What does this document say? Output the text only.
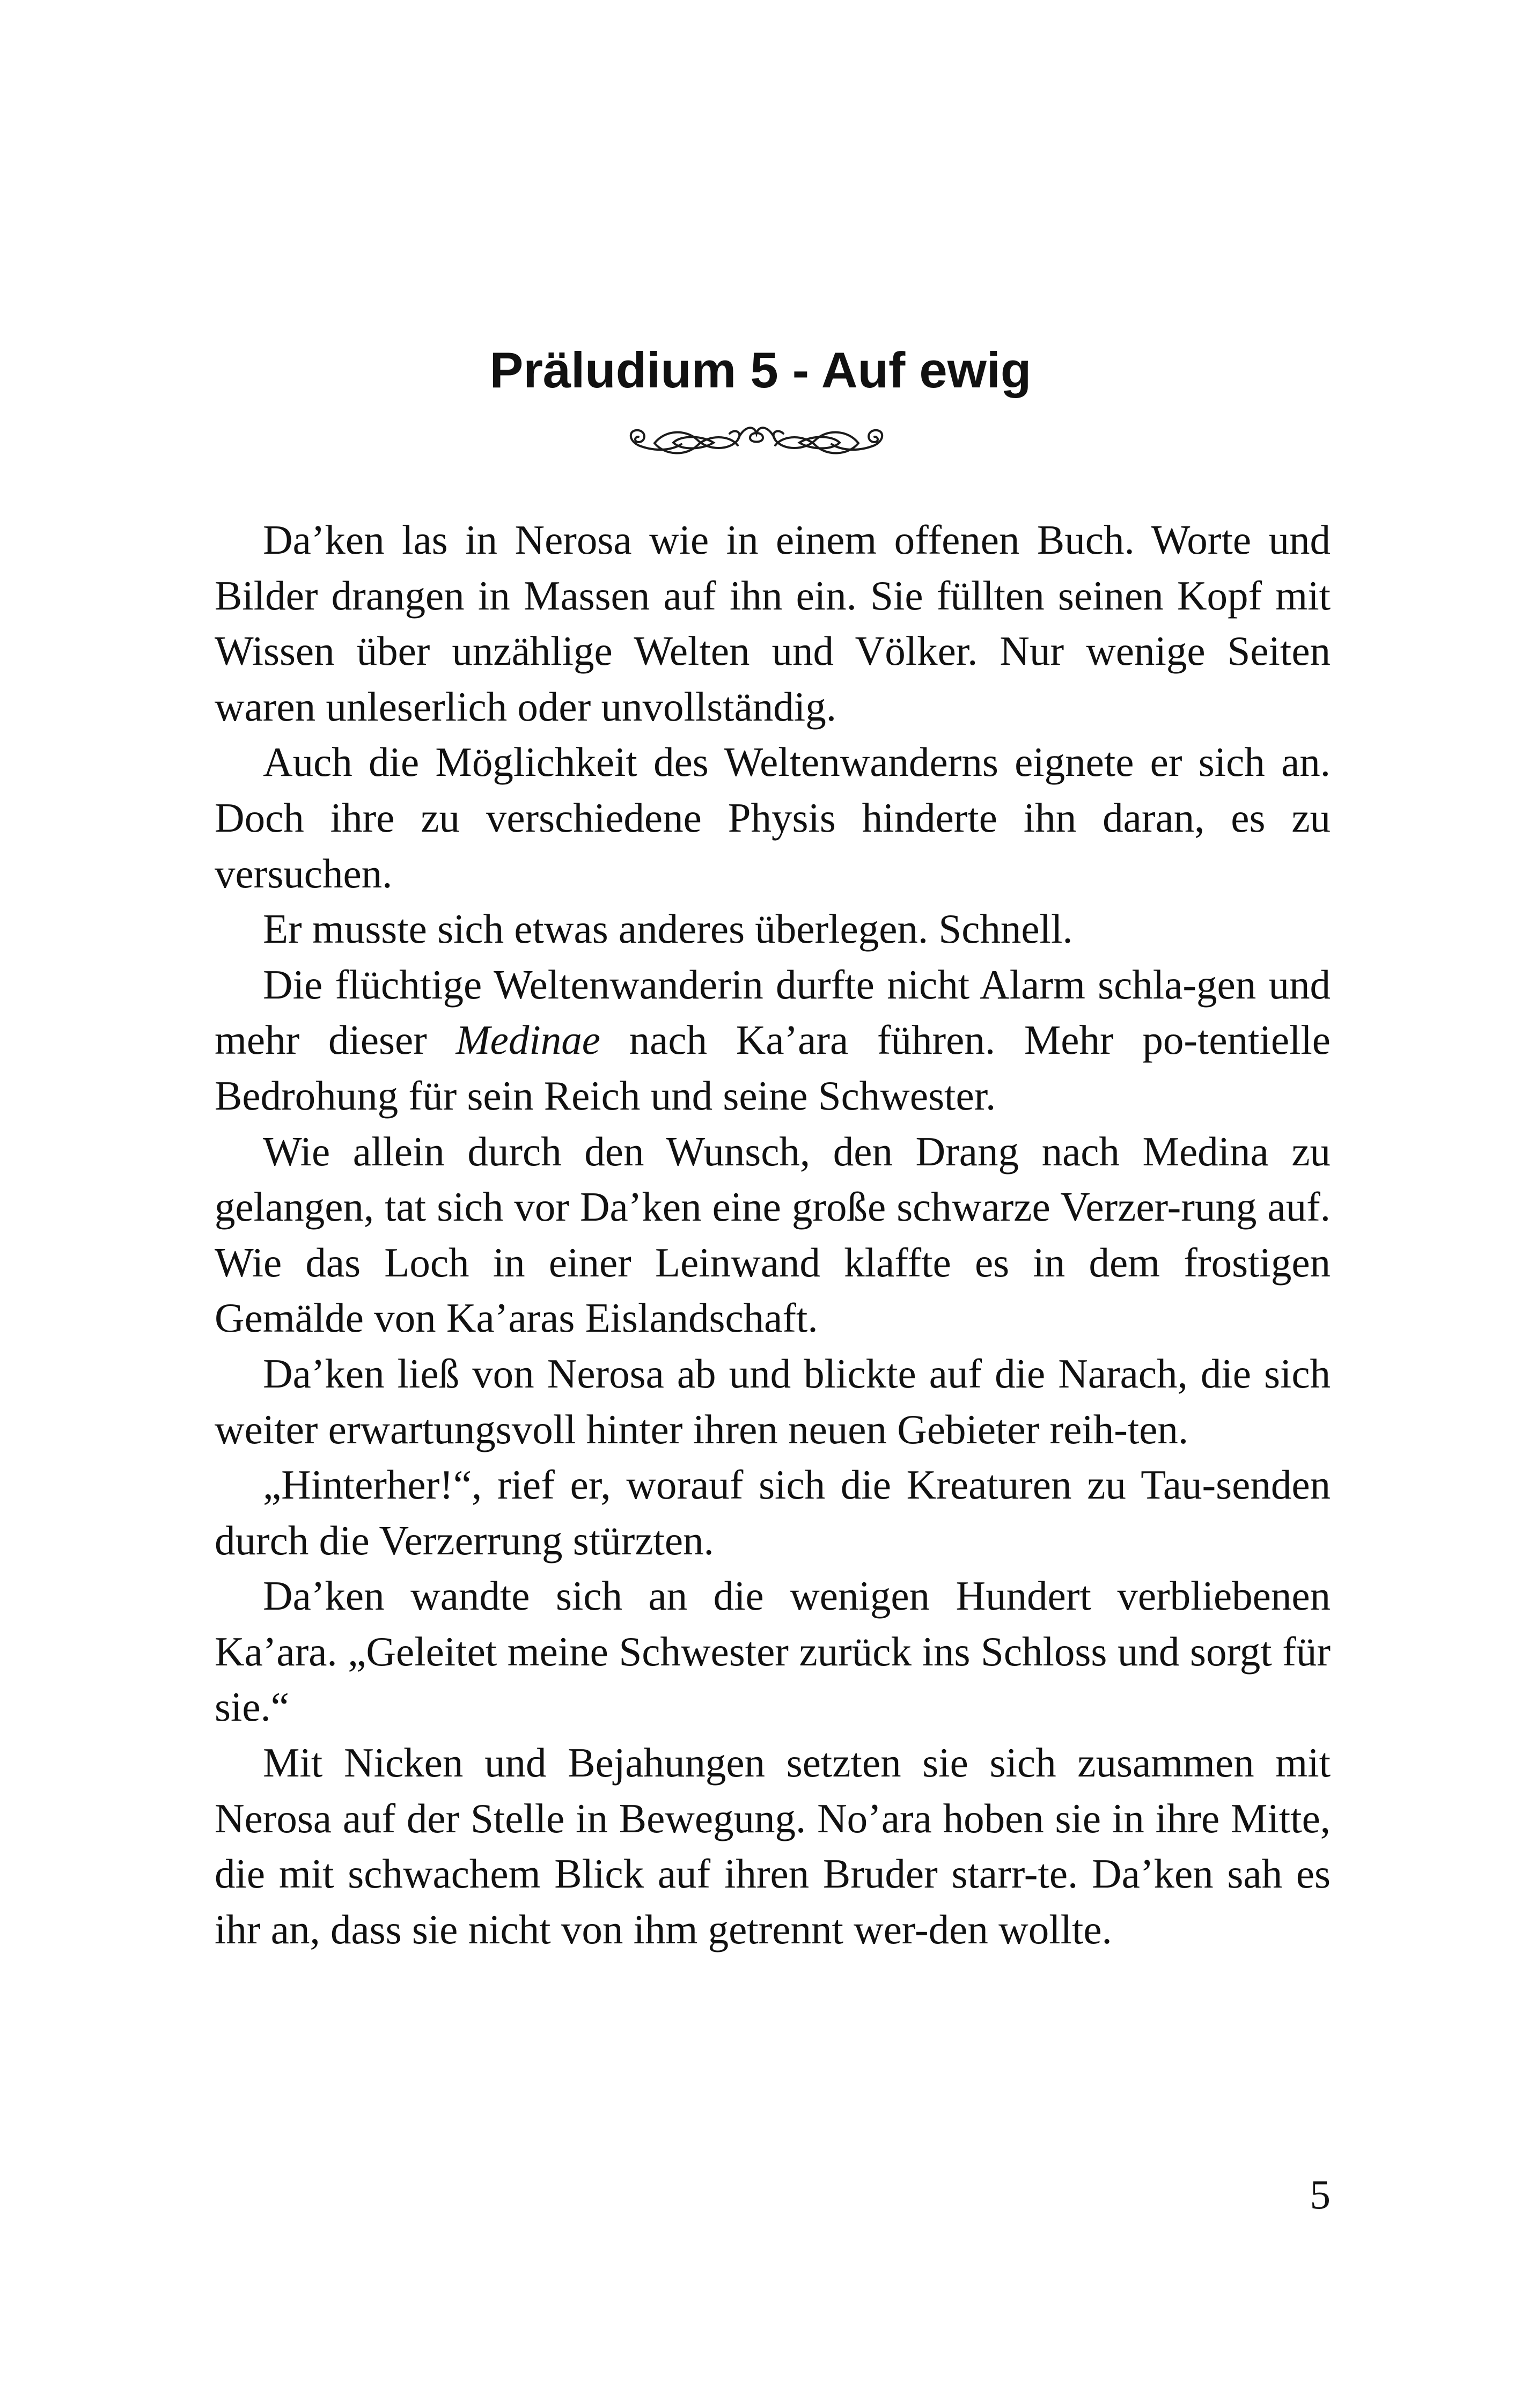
Präludium 5 - Auf ewig

Da’ken las in Nerosa wie in einem offenen Buch. Worte und Bilder drangen in Massen auf ihn ein. Sie füllten seinen Kopf mit Wissen über unzählige Welten und Völker. Nur wenige Seiten waren unleserlich oder unvollständig.

Auch die Möglichkeit des Weltenwanderns eignete er sich an. Doch ihre zu verschiedene Physis hinderte ihn daran, es zu versuchen.

Er musste sich etwas anderes überlegen. Schnell.

Die flüchtige Weltenwanderin durfte nicht Alarm schla-gen und mehr dieser Medinae nach Ka’ara führen. Mehr po-tentielle Bedrohung für sein Reich und seine Schwester.

Wie allein durch den Wunsch, den Drang nach Medina zu gelangen, tat sich vor Da’ken eine große schwarze Verzer-rung auf. Wie das Loch in einer Leinwand klaffte es in dem frostigen Gemälde von Ka’aras Eislandschaft.

Da’ken ließ von Nerosa ab und blickte auf die Narach, die sich weiter erwartungsvoll hinter ihren neuen Gebieter reih-ten.

„Hinterher!“, rief er, worauf sich die Kreaturen zu Tau-senden durch die Verzerrung stürzten.

Da’ken wandte sich an die wenigen Hundert verbliebenen Ka’ara. „Geleitet meine Schwester zurück ins Schloss und sorgt für sie.“

Mit Nicken und Bejahungen setzten sie sich zusammen mit Nerosa auf der Stelle in Bewegung. No’ara hoben sie in ihre Mitte, die mit schwachem Blick auf ihren Bruder starr-te. Da’ken sah es ihr an, dass sie nicht von ihm getrennt wer-den wollte.

5
